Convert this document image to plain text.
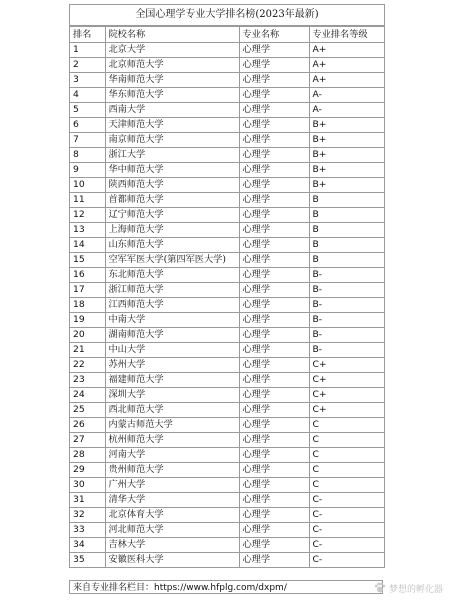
全国心理学专业大学排名榜(2023年最新)
排名	院校名称	专业名称	专业排名等级
1	北京大学	心理学	A+
2	北京师范大学	心理学	A+
3	华南师范大学	心理学	A+
4	华东师范大学	心理学	A-
5	西南大学	心理学	A-
6	天津师范大学	心理学	B+
7	南京师范大学	心理学	B+
8	浙江大学	心理学	B+
9	华中师范大学	心理学	B+
10	陕西师范大学	心理学	B+
11	首都师范大学	心理学	B
12	辽宁师范大学	心理学	B
13	上海师范大学	心理学	B
14	山东师范大学	心理学	B
15	空军军医大学(第四军医大学)	心理学	B
16	东北师范大学	心理学	B-
17	浙江师范大学	心理学	B-
18	江西师范大学	心理学	B-
19	中南大学	心理学	B-
20	湖南师范大学	心理学	B-
21	中山大学	心理学	B-
22	苏州大学	心理学	C+
23	福建师范大学	心理学	C+
24	深圳大学	心理学	C+
25	西北师范大学	心理学	C+
26	内蒙古师范大学	心理学	C
27	杭州师范大学	心理学	C
28	河南大学	心理学	C
29	贵州师范大学	心理学	C
30	广州大学	心理学	C
31	清华大学	心理学	C-
32	北京体育大学	心理学	C-
33	河北师范大学	心理学	C-
34	吉林大学	心理学	C-
35	安徽医科大学	心理学	C-
来自专业排名栏目：https://www.hfplg.com/dxpm/	梦想的孵化器
